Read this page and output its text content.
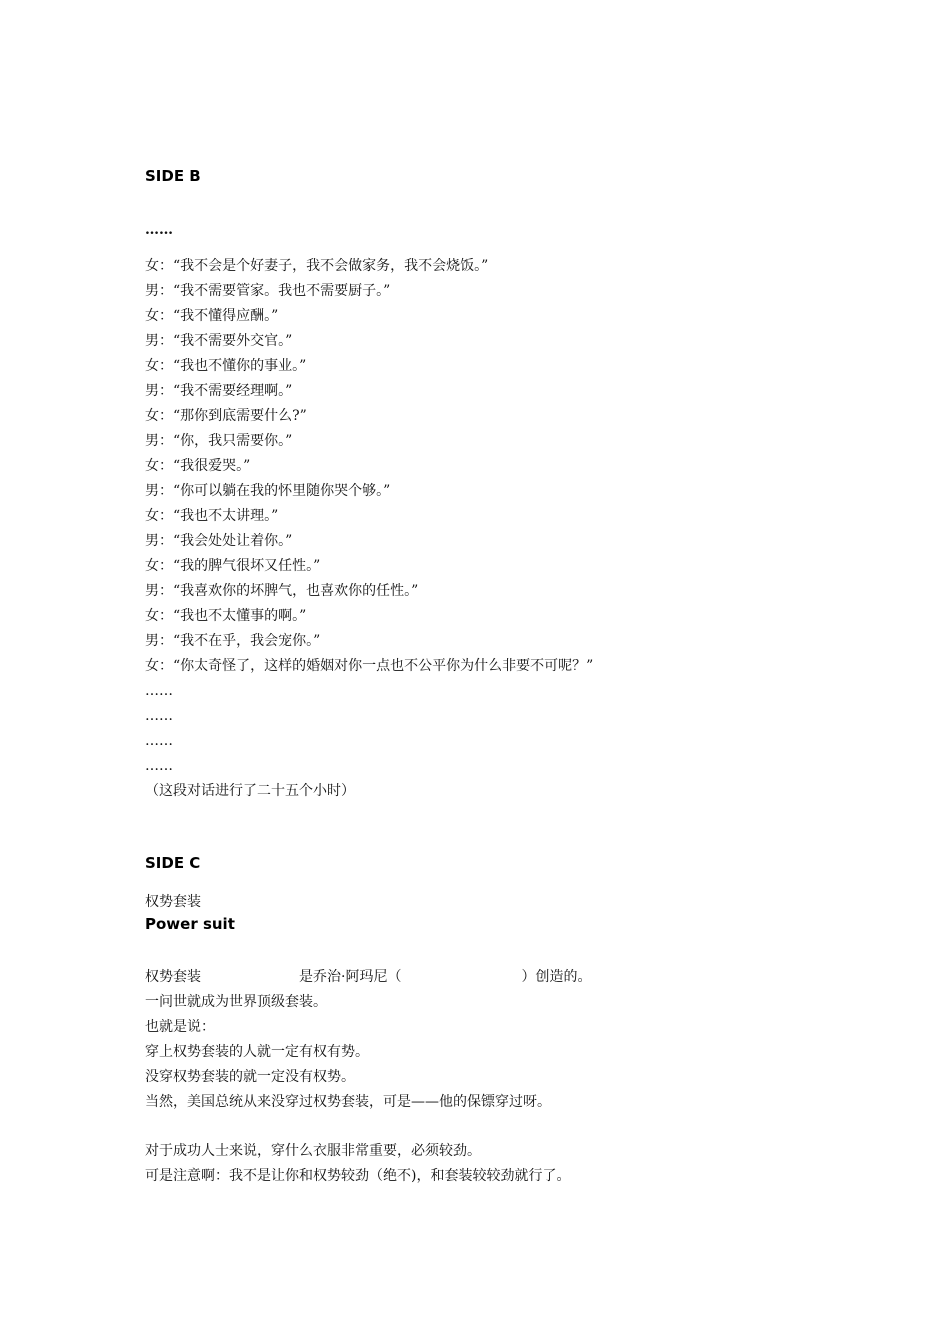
SIDE B
……
女：“我不会是个好妻子，我不会做家务，我不会烧饭。”
男：“我不需要管家。我也不需要厨子。”
女：“我不懂得应酬。”
男：“我不需要外交官。”
女：“我也不懂你的事业。”
男：“我不需要经理啊。”
女：“那你到底需要什么?”
男：“你，我只需要你。”
女：“我很爱哭。”
男：“你可以躺在我的怀里随你哭个够。”
女：“我也不太讲理。”
男：“我会处处让着你。”
女：“我的脾气很坏又任性。”
男：“我喜欢你的坏脾气，也喜欢你的任性。”
女：“我也不太懂事的啊。”
男：“我不在乎，我会宠你。”
女：“你太奇怪了，这样的婚姻对你一点也不公平你为什么非要不可呢？”
……
……
……
……
（这段对话进行了二十五个小时）
SIDE C
权势套装
Power suit
权势套装	是乔治·阿玛尼（	）创造的。
一问世就成为世界顶级套装。
也就是说：
穿上权势套装的人就一定有权有势。
没穿权势套装的就一定没有权势。
当然，美国总统从来没穿过权势套装，可是——他的保镖穿过呀。
对于成功人士来说，穿什么衣服非常重要，必须较劲。
可是注意啊：我不是让你和权势较劲（绝不)，和套装较较劲就行了。
